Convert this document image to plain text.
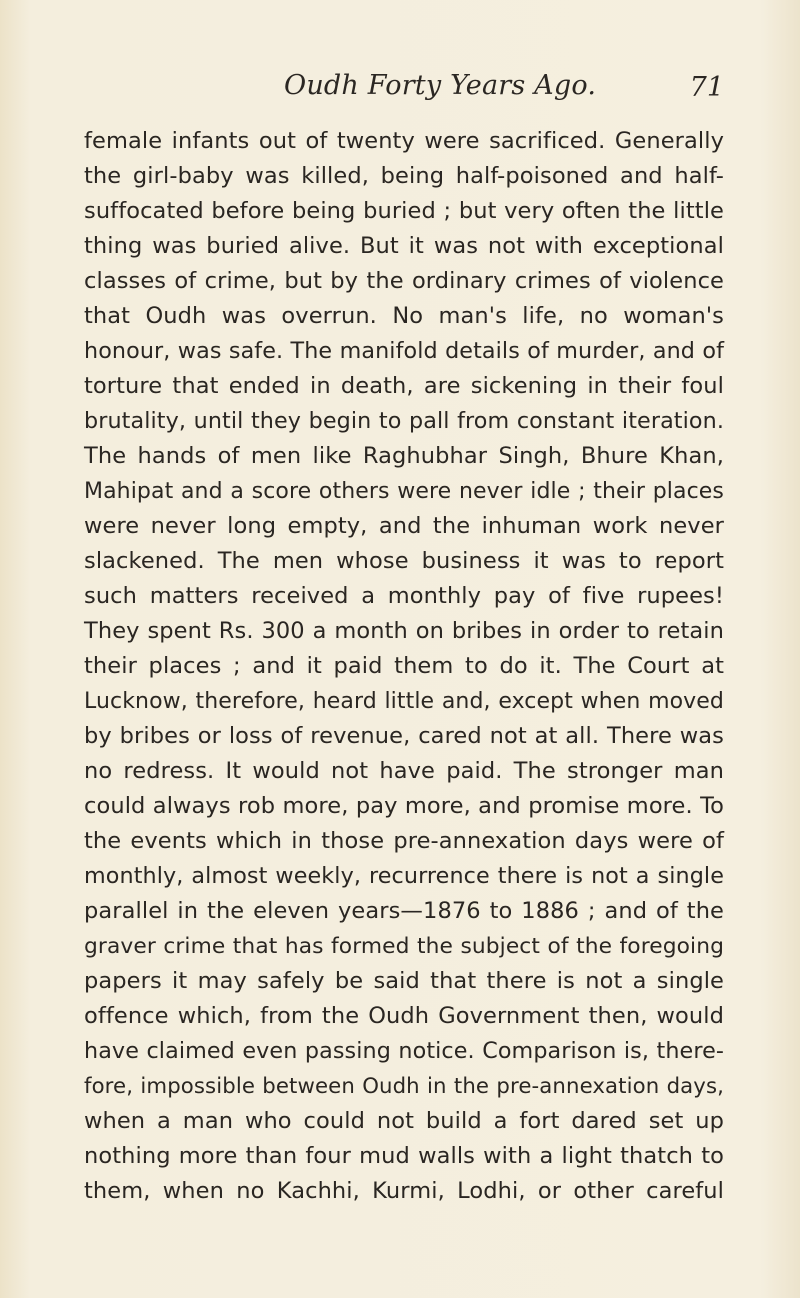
Oudh Forty Years Ago.	71
female infants out of twenty were sacrificed. Generally
the girl-baby was killed, being half-poisoned and half-
suffocated before being buried ; but very often the little
thing was buried alive. But it was not with exceptional
classes of crime, but by the ordinary crimes of violence
that Oudh was overrun. No man's life, no woman's
honour, was safe. The manifold details of murder, and of
torture that ended in death, are sickening in their foul
brutality, until they begin to pall from constant iteration.
The hands of men like Raghubhar Singh, Bhure Khan,
Mahipat and a score others were never idle ; their places
were never long empty, and the inhuman work never
slackened. The men whose business it was to report
such matters received a monthly pay of five rupees!
They spent Rs. 300 a month on bribes in order to retain
their places ; and it paid them to do it. The Court at
Lucknow, therefore, heard little and, except when moved
by bribes or loss of revenue, cared not at all. There was
no redress. It would not have paid. The stronger man
could always rob more, pay more, and promise more. To
the events which in those pre-annexation days were of
monthly, almost weekly, recurrence there is not a single
parallel in the eleven years—1876 to 1886 ; and of the
graver crime that has formed the subject of the foregoing
papers it may safely be said that there is not a single
offence which, from the Oudh Government then, would
have claimed even passing notice. Comparison is, there-
fore, impossible between Oudh in the pre-annexation days,
when a man who could not build a fort dared set up
nothing more than four mud walls with a light thatch to
them, when no Kachhi, Kurmi, Lodhi, or other careful
